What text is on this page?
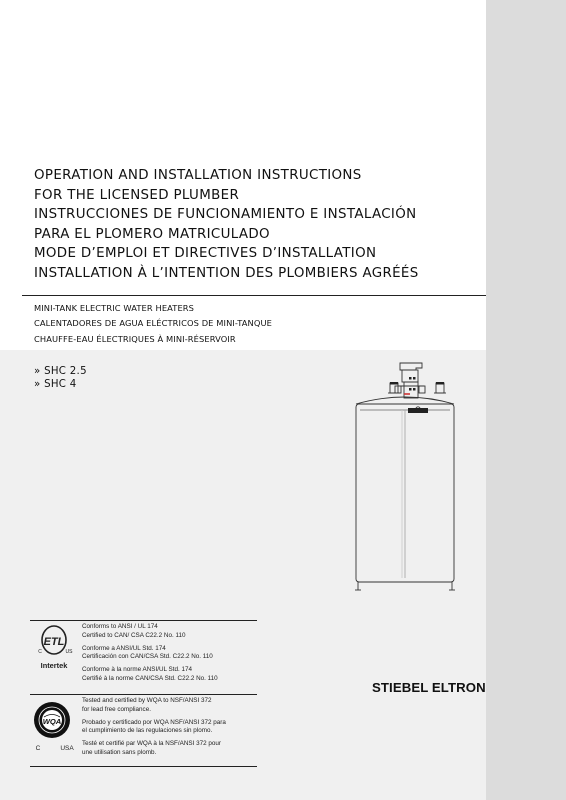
OPERATION AND INSTALLATION INSTRUCTIONS
FOR THE LICENSED PLUMBER
INSTRUCCIONES DE FUNCIONAMIENTO E INSTALACIÓN
PARA EL PLOMERO MATRICULADO
MODE D’EMPLOI ET DIRECTIVES D’INSTALLATION
INSTALLATION À L’INTENTION DES PLOMBIERS AGRÉÉS
MINI-TANK ELECTRIC WATER HEATERS
CALENTADORES DE AGUA ELÉCTRICOS DE MINI-TANQUE
CHAUFFE-EAU ÉLECTRIQUES À MINI-RÉSERVOIR
» SHC 2.5
» SHC 4
ETL
C	US
Intertek
Conforms to ANSI / UL 174
Certified to CAN/ CSA C22.2 No. 110
Conforme a ANSI/UL Std. 174
Certificación con CAN/CSA Std. C22.2 No. 110
Conforme à la norme ANSI/UL Std. 174
Certifié à la norme CAN/CSA Std. C22.2 No. 110
WQA
C	USA
Tested and certified by WQA to NSF/ANSI 372
for lead free compliance.
Probado y certificado por WQA NSF/ANSI 372 para
el cumplimiento de las regulaciones sin plomo.
Testé et certifié par WQA à la NSF/ANSI 372 pour
une utilisation sans plomb.
STIEBEL ELTRON
